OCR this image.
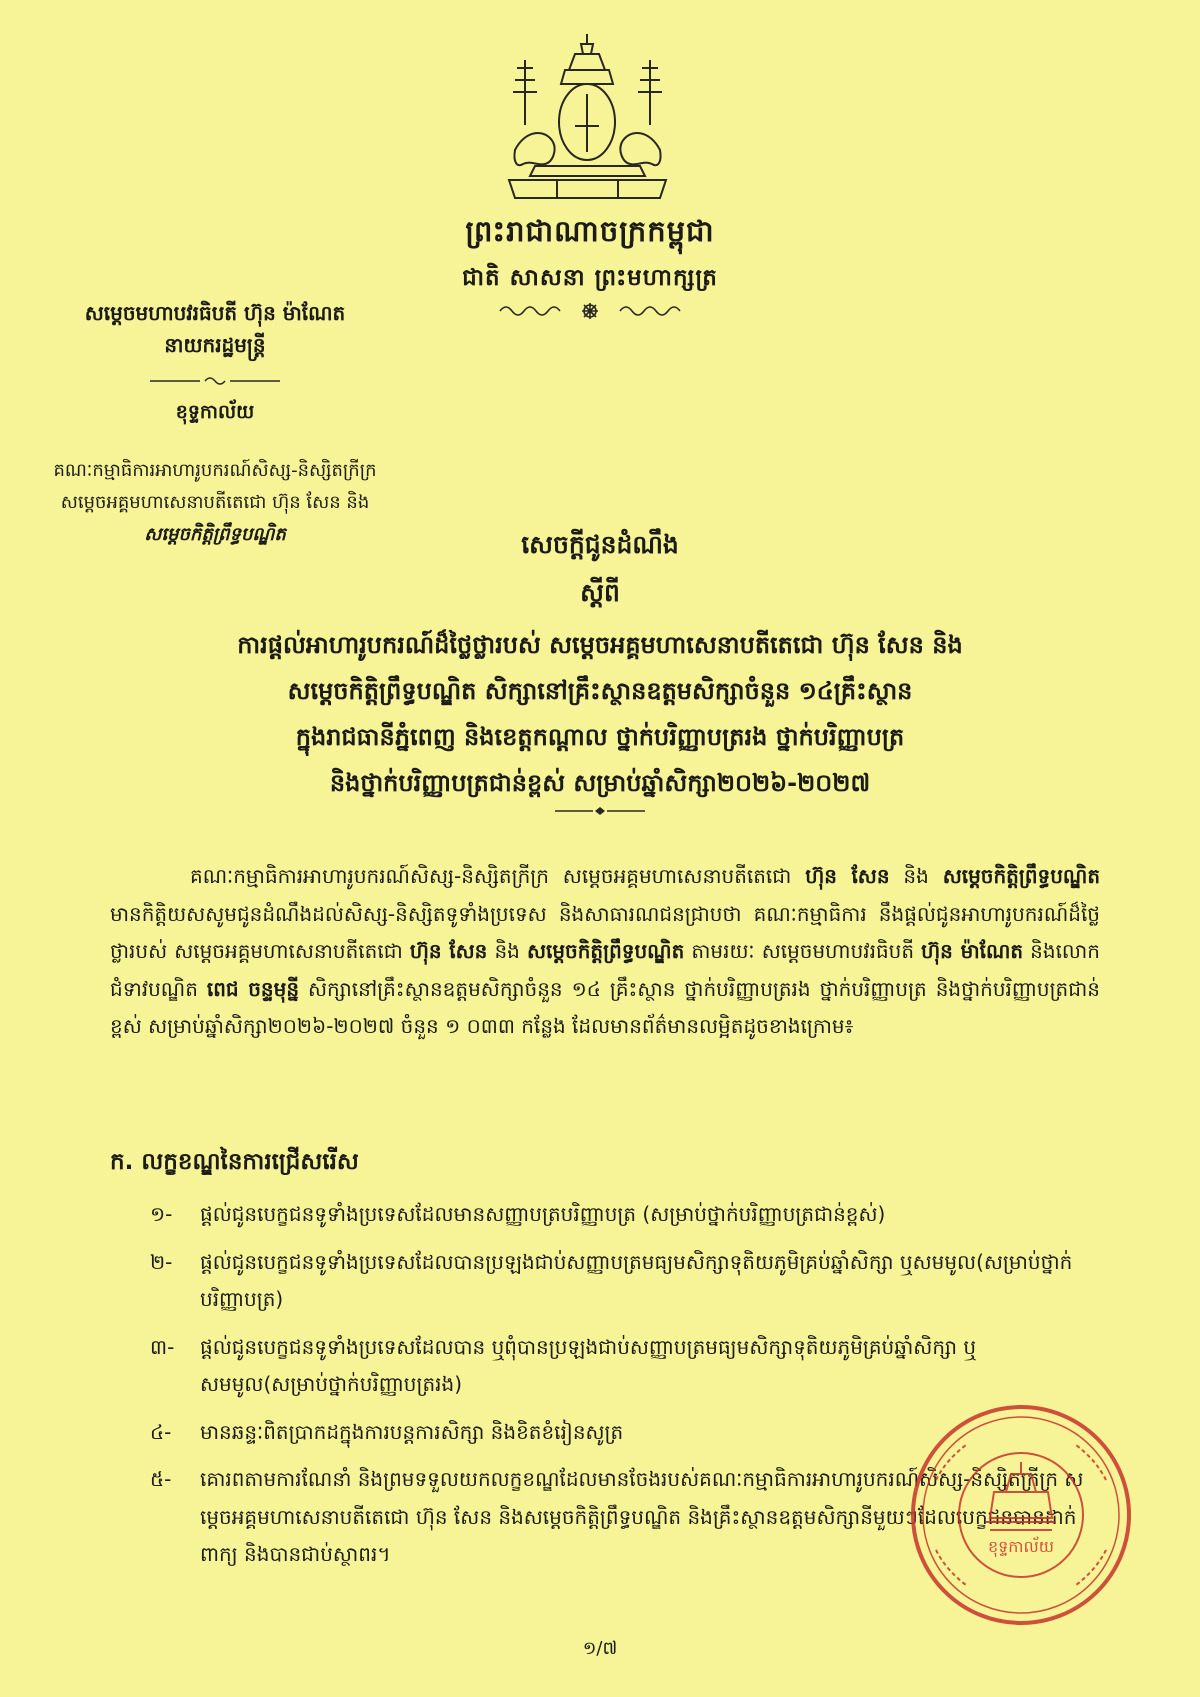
ព្រះរាជាណាចក្រកម្ពុជា
ជាតិ សាសនា ព្រះមហាក្សត្រ
សម្តេចមហាបវរធិបតី ហ៊ុន ម៉ាណែត
នាយករដ្ឋមន្ត្រី
ខុទ្ទកាល័យ
គណៈកម្មាធិការអាហារូបករណ៍សិស្ស-និស្សិតក្រីក្រ
សម្តេចអគ្គមហាសេនាបតីតេជោ ហ៊ុន សែន និង
សម្តេចកិត្តិព្រឹទ្ធបណ្ឌិត	សេចក្តីជូនដំណឹង
ស្តីពី
ការផ្តល់អាហារូបករណ៍ដ៏ថ្លៃថ្លារបស់ សម្តេចអគ្គមហាសេនាបតីតេជោ ហ៊ុន សែន និង
សម្តេចកិត្តិព្រឹទ្ធបណ្ឌិត សិក្សានៅគ្រឹះស្ថានឧត្តមសិក្សាចំនួន ១៤គ្រឹះស្ថាន
ក្នុងរាជធានីភ្នំពេញ និងខេត្តកណ្តាល ថ្នាក់បរិញ្ញាបត្ររង ថ្នាក់បរិញ្ញាបត្រ
និងថ្នាក់បរិញ្ញាបត្រជាន់ខ្ពស់ សម្រាប់ឆ្នាំសិក្សា២០២៦-២០២៧
គណៈកម្មាធិការអាហារូបករណ៍សិស្ស-និស្សិតក្រីក្រ សម្តេចអគ្គមហាសេនាបតីតេជោ ហ៊ុន សែន និង សម្តេចកិត្តិព្រឹទ្ធបណ្ឌិត មានកិត្តិយសសូមជូនដំណឹងដល់សិស្ស-និស្សិតទូទាំងប្រទេស និងសាធារណជនជ្រាបថា គណៈកម្មាធិការ នឹងផ្តល់ជូនអាហារូបករណ៍ដ៏ថ្លៃថ្លារបស់ សម្តេចអគ្គមហាសេនាបតីតេជោ ហ៊ុន សែន និង សម្តេចកិត្តិព្រឹទ្ធបណ្ឌិត តាមរយៈ សម្តេចមហាបវរធិបតី ហ៊ុន ម៉ាណែត និងលោកជំទាវបណ្ឌិត ពេជ ចន្ទមុន្នី សិក្សានៅគ្រឹះស្ថានឧត្តមសិក្សាចំនួន ១៤ គ្រឹះស្ថាន ថ្នាក់បរិញ្ញាបត្ររង ថ្នាក់បរិញ្ញាបត្រ និងថ្នាក់បរិញ្ញាបត្រជាន់ខ្ពស់ សម្រាប់ឆ្នាំសិក្សា២០២៦-២០២៧ ចំនួន ១ ០៣៣ កន្លែង ដែលមានព័ត៌មានលម្អិតដូចខាងក្រោម៖
ក. លក្ខខណ្ឌនៃការជ្រើសរើស
១-	ផ្តល់ជូនបេក្ខជនទូទាំងប្រទេសដែលមានសញ្ញាបត្របរិញ្ញាបត្រ (សម្រាប់ថ្នាក់បរិញ្ញាបត្រជាន់ខ្ពស់)
២-	ផ្តល់ជូនបេក្ខជនទូទាំងប្រទេសដែលបានប្រឡងជាប់សញ្ញាបត្រមធ្យមសិក្សាទុតិយភូមិគ្រប់ឆ្នាំសិក្សា ឬសមមូល(សម្រាប់ថ្នាក់បរិញ្ញាបត្រ)
៣-	ផ្តល់ជូនបេក្ខជនទូទាំងប្រទេសដែលបាន ឬពុំបានប្រឡងជាប់សញ្ញាបត្រមធ្យមសិក្សាទុតិយភូមិគ្រប់ឆ្នាំសិក្សា ឬសមមូល(សម្រាប់ថ្នាក់បរិញ្ញាបត្ររង)
៤-	មានឆន្ទៈពិតប្រាកដក្នុងការបន្តការសិក្សា និងខិតខំរៀនសូត្រ
៥-	គោរពតាមការណែនាំ និងព្រមទទួលយកលក្ខខណ្ឌដែលមានចែងរបស់គណៈកម្មាធិការអាហារូបករណ៍សិស្ស-និស្សិតក្រីក្រ សម្តេចអគ្គមហាសេនាបតីតេជោ ហ៊ុន សែន និងសម្តេចកិត្តិព្រឹទ្ធបណ្ឌិត និងគ្រឹះស្ថានឧត្តមសិក្សានីមួយៗដែលបេក្ខជនបានដាក់ពាក្យ និងបានជាប់ស្ថាពរ។	ខុទ្ទកាល័យ
១/៧
